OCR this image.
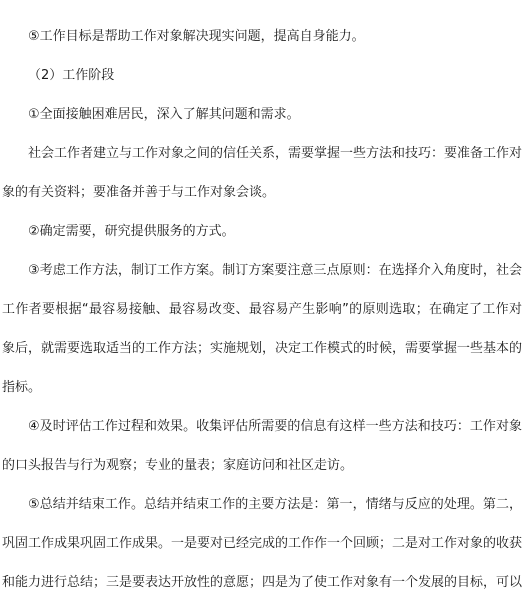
⑤工作目标是帮助工作对象解决现实问题，提高自身能力。
（2）工作阶段
①全面接触困难居民，深入了解其问题和需求。
社会工作者建立与工作对象之间的信任关系，需要掌握一些方法和技巧：要准备工作对
象的有关资料；要准备并善于与工作对象会谈。
②确定需要，研究提供服务的方式。
③考虑工作方法，制订工作方案。制订方案要注意三点原则：在选择介入角度时，社会
工作者要根据“最容易接触、最容易改变、最容易产生影响”的原则选取；在确定了工作对
象后，就需要选取适当的工作方法；实施规划，决定工作模式的时候，需要掌握一些基本的
指标。
④及时评估工作过程和效果。收集评估所需要的信息有这样一些方法和技巧：工作对象
的口头报告与行为观察；专业的量表；家庭访问和社区走访。
⑤总结并结束工作。总结并结束工作的主要方法是：第一，情绪与反应的处理。第二，
巩固工作成果巩固工作成果。一是要对已经完成的工作作一个回顾；二是对工作对象的收获
和能力进行总结；三是要表达开放性的意愿；四是为了使工作对象有一个发展的目标，可以
